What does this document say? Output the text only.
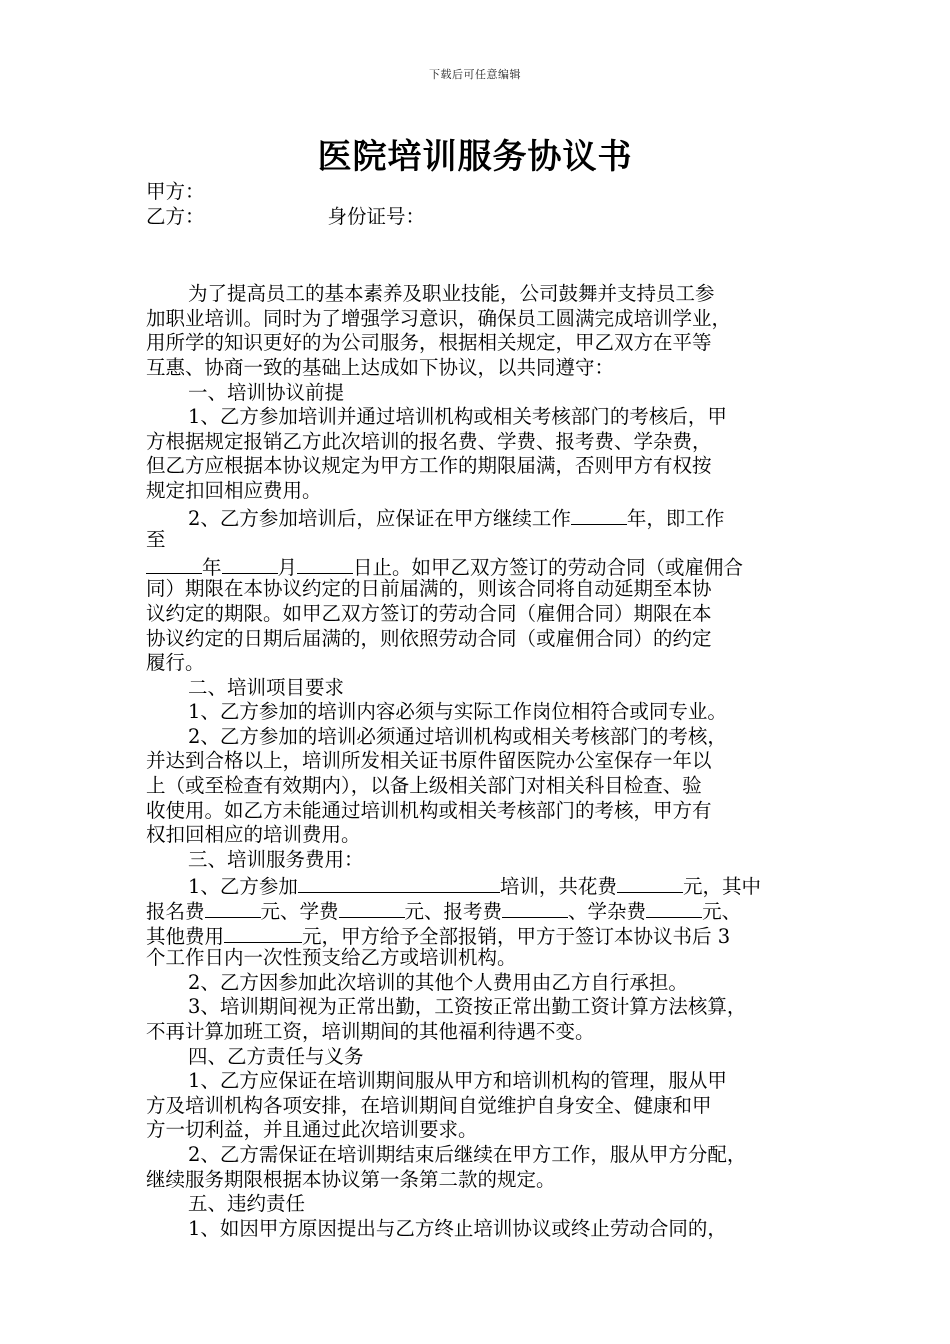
下载后可任意编辑
医院培训服务协议书
甲方：
乙方：	身份证号：
为了提高员工的基本素养及职业技能，公司鼓舞并支持员工参
加职业培训。同时为了增强学习意识，确保员工圆满完成培训学业，
用所学的知识更好的为公司服务，根据相关规定，甲乙双方在平等
互惠、协商一致的基础上达成如下协议，以共同遵守：
一、培训协议前提
1、乙方参加培训并通过培训机构或相关考核部门的考核后，甲
方根据规定报销乙方此次培训的报名费、学费、报考费、学杂费，
但乙方应根据本协议规定为甲方工作的期限届满，否则甲方有权按
规定扣回相应费用。
2、乙方参加培训后，应保证在甲方继续工作	年，即工作
至
年	月	日止。如甲乙双方签订的劳动合同（或雇佣合
同）期限在本协议约定的日前届满的，则该合同将自动延期至本协
议约定的期限。如甲乙双方签订的劳动合同（雇佣合同）期限在本
协议约定的日期后届满的，则依照劳动合同（或雇佣合同）的约定
履行。
二、培训项目要求
1、乙方参加的培训内容必须与实际工作岗位相符合或同专业。
2、乙方参加的培训必须通过培训机构或相关考核部门的考核，
并达到合格以上，培训所发相关证书原件留医院办公室保存一年以
上（或至检查有效期内），以备上级相关部门对相关科目检查、验
收使用。如乙方未能通过培训机构或相关考核部门的考核，甲方有
权扣回相应的培训费用。
三、培训服务费用：
1、乙方参加	培训，共花费	元，其中
报名费	元、学费	元、报考费	、学杂费	元、
其他费用	元，甲方给予全部报销，甲方于签订本协议书后 3
个工作日内一次性预支给乙方或培训机构。
2、乙方因参加此次培训的其他个人费用由乙方自行承担。
3、培训期间视为正常出勤，工资按正常出勤工资计算方法核算，
不再计算加班工资，培训期间的其他福利待遇不变。
四、乙方责任与义务
1、乙方应保证在培训期间服从甲方和培训机构的管理，服从甲
方及培训机构各项安排，在培训期间自觉维护自身安全、健康和甲
方一切利益，并且通过此次培训要求。
2、乙方需保证在培训期结束后继续在甲方工作，服从甲方分配，
继续服务期限根据本协议第一条第二款的规定。
五、违约责任
1、如因甲方原因提出与乙方终止培训协议或终止劳动合同的，
